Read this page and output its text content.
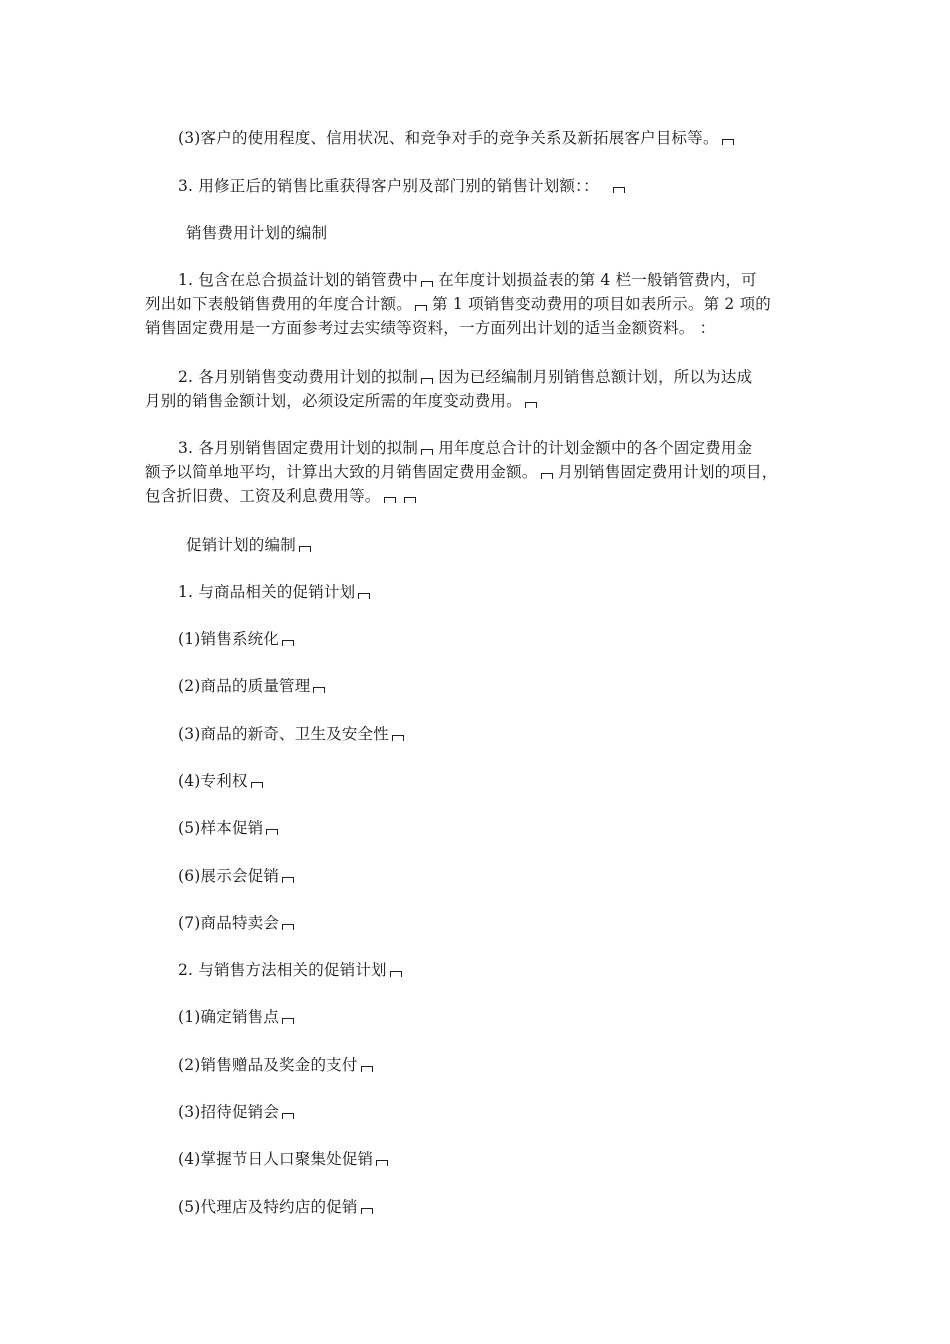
(3)客户的使用程度、信用状况、和竞争对手的竞争关系及新拓展客户目标等。
3. 用修正后的销售比重获得客户别及部门别的销售计划额：：
销售费用计划的编制
1. 包含在总合损益计划的销管费中 在年度计划损益表的第 4 栏一般销管费内，可
列出如下表般销售费用的年度合计额。 第 1 项销售变动费用的项目如表所示。第 2 项的
销售固定费用是一方面参考过去实绩等资料，一方面列出计划的适当金额资料。 ：
2. 各月别销售变动费用计划的拟制 因为已经编制月别销售总额计划，所以为达成
月别的销售金额计划，必须设定所需的年度变动费用。
3. 各月别销售固定费用计划的拟制 用年度总合计的计划金额中的各个固定费用金
额予以简单地平均，计算出大致的月销售固定费用金额。 月别销售固定费用计划的项目，
包含折旧费、工资及利息费用等。
促销计划的编制
1. 与商品相关的促销计划
(1)销售系统化
(2)商品的质量管理
(3)商品的新奇、卫生及安全性
(4)专利权
(5)样本促销
(6)展示会促销
(7)商品特卖会
2. 与销售方法相关的促销计划
(1)确定销售点
(2)销售赠品及奖金的支付
(3)招待促销会
(4)掌握节日人口聚集处促销
(5)代理店及特约店的促销
